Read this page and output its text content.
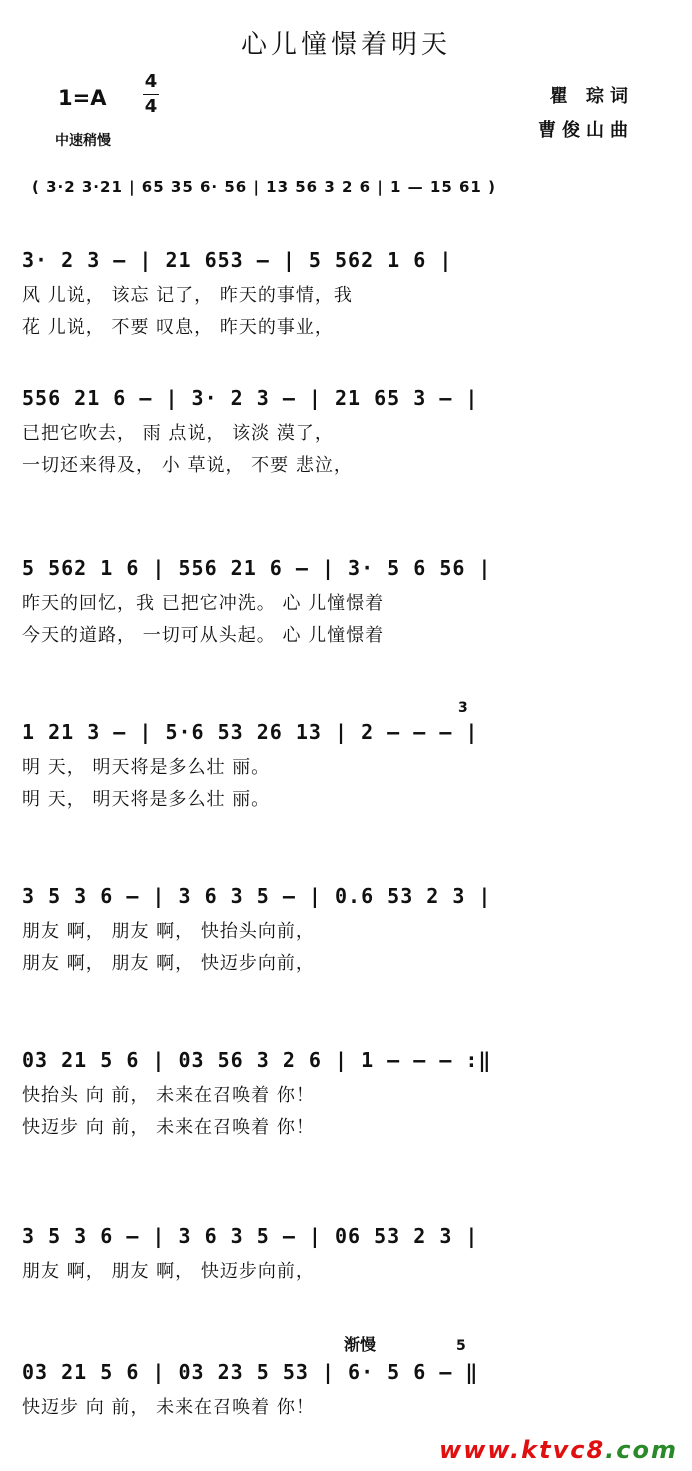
心儿憧憬着明天
1=A
4
4
中速稍慢
瞿 琮词
曹俊山曲
( 3·2 3·21 | 65 35 6· 56 | 13 56 3 2 6 | 1 — 15 61 )
3· 2 3 — | 21 653 — | 5 562 1 6 |
风 儿说， 该忘 记了， 昨天的事情，我
花 儿说， 不要 叹息， 昨天的事业，
556 21 6 — | 3· 2 3 — | 21 65 3 — |
已把它吹去， 雨 点说， 该淡 漠了，
一切还来得及， 小 草说， 不要 悲泣，
5 562 1 6 | 556 21 6 — | 3· 5 6 56 |
昨天的回忆，我 已把它冲洗。 心 儿憧憬着
今天的道路， 一切可从头起。 心 儿憧憬着
3
1 21 3 — | 5·6 53 26 13 | 2 — — — |
明 天， 明天将是多么壮 丽。
明 天， 明天将是多么壮 丽。
3 5 3 6 — | 3 6 3 5 — | 0.6 53 2 3 |
朋友 啊， 朋友 啊， 快抬头向前，
朋友 啊， 朋友 啊， 快迈步向前，
03 21 5 6 | 03 56 3 2 6 | 1 — — — :‖
快抬头 向 前， 未来在召唤着 你！
快迈步 向 前， 未来在召唤着 你！
3 5 3 6 — | 3 6 3 5 — | 06 53 2 3 |
朋友 啊， 朋友 啊， 快迈步向前，
渐慢	5
03 21 5 6 | 03 23 5 53 | 6· 5 6 — ‖
快迈步 向 前， 未来在召唤着 你！
www.ktvc8.com
